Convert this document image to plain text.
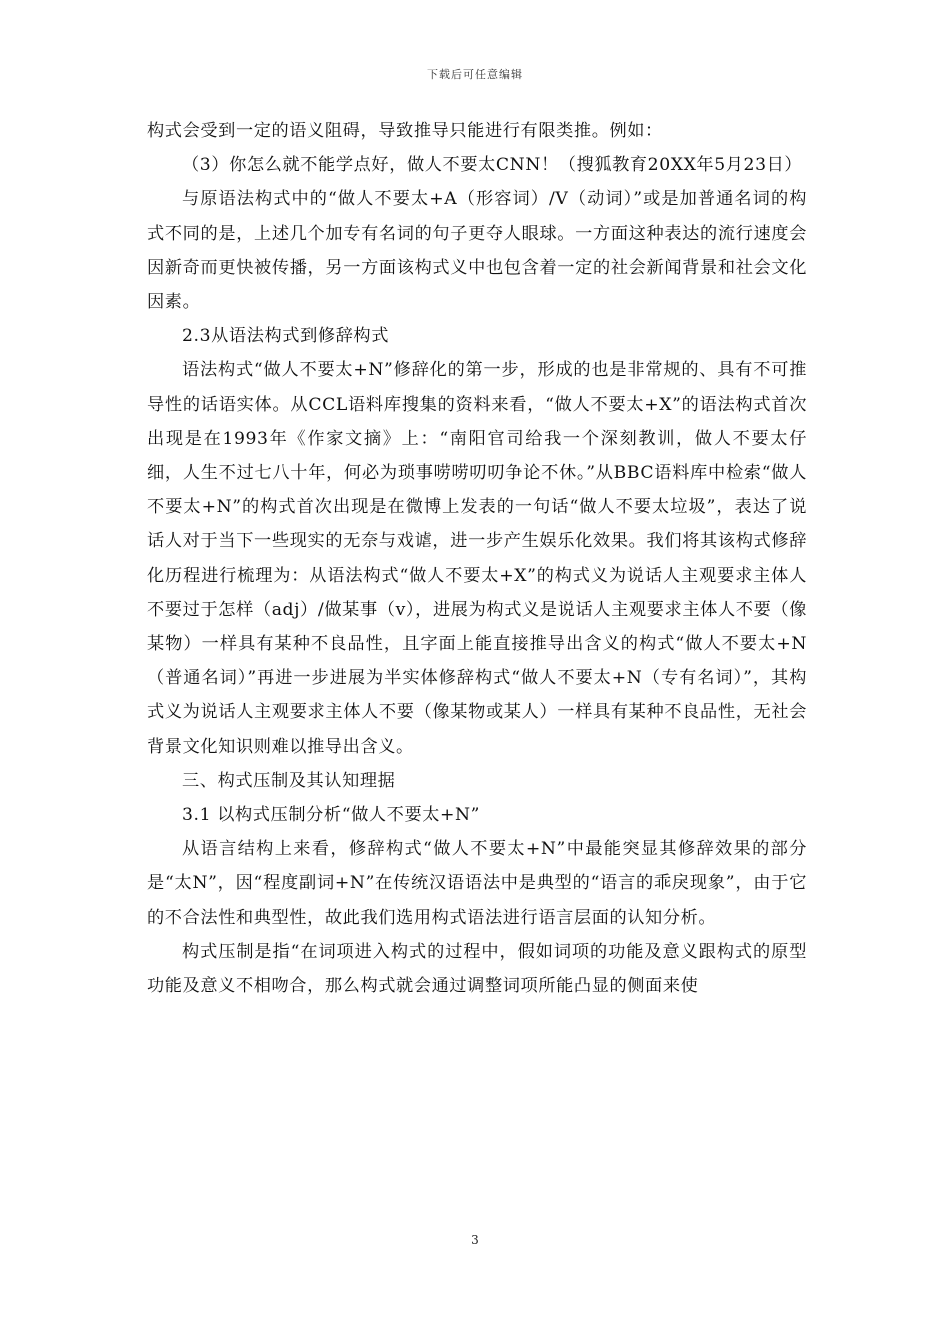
下载后可任意编辑

构式会受到一定的语义阻碍，导致推导只能进行有限类推。例如：

（3）你怎么就不能学点好，做人不要太CNN！（搜狐教育20XX年5月23日）

与原语法构式中的“做人不要太+A（形容词）/V（动词）”或是加普通名词的构式不同的是，上述几个加专有名词的句子更夺人眼球。一方面这种表达的流行速度会因新奇而更快被传播，另一方面该构式义中也包含着一定的社会新闻背景和社会文化因素。

2.3从语法构式到修辞构式

语法构式“做人不要太+N”修辞化的第一步，形成的也是非常规的、具有不可推导性的话语实体。从CCL语料库搜集的资料来看，“做人不要太+X”的语法构式首次出现是在1993年《作家文摘》上：“南阳官司给我一个深刻教训，做人不要太仔细，人生不过七八十年，何必为琐事唠唠叨叨争论不休。”从BBC语料库中检索“做人不要太+N”的构式首次出现是在微博上发表的一句话“做人不要太垃圾”，表达了说话人对于当下一些现实的无奈与戏谑，进一步产生娱乐化效果。我们将其该构式修辞化历程进行梳理为：从语法构式“做人不要太+X”的构式义为说话人主观要求主体人不要过于怎样（adj）/做某事（v），进展为构式义是说话人主观要求主体人不要（像某物）一样具有某种不良品性，且字面上能直接推导出含义的构式“做人不要太+N（普通名词）”再进一步进展为半实体修辞构式“做人不要太+N（专有名词）”，其构式义为说话人主观要求主体人不要（像某物或某人）一样具有某种不良品性，无社会背景文化知识则难以推导出含义。

三、构式压制及其认知理据

3.1 以构式压制分析“做人不要太+N”

从语言结构上来看，修辞构式“做人不要太+N”中最能突显其修辞效果的部分是“太N”，因“程度副词+N”在传统汉语语法中是典型的“语言的乖戾现象”，由于它的不合法性和典型性，故此我们选用构式语法进行语言层面的认知分析。

构式压制是指“在词项进入构式的过程中，假如词项的功能及意义跟构式的原型功能及意义不相吻合，那么构式就会通过调整词项所能凸显的侧面来使

3
